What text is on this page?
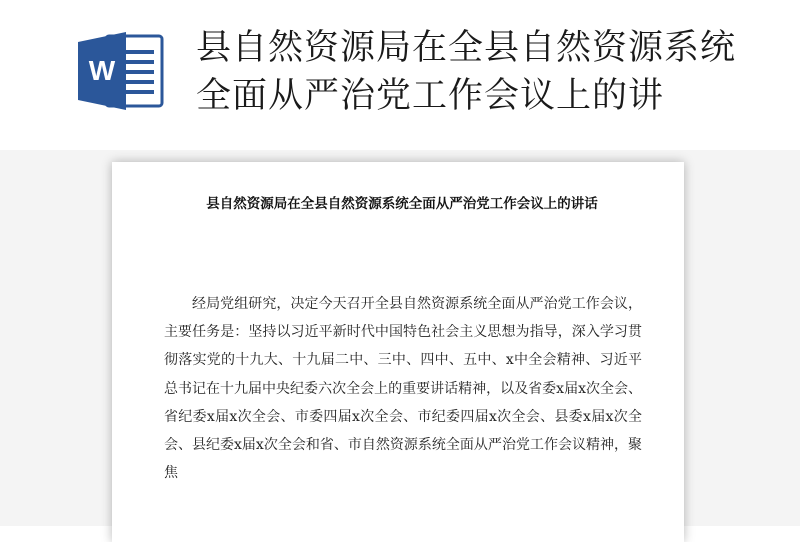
W
县自然资源局在全县自然资源系统全面从严治党工作会议上的讲
县自然资源局在全县自然资源系统全面从严治党工作会议上的讲话

经局党组研究，决定今天召开全县自然资源系统全面从严治党工作会议，主要任务是：坚持以习近平新时代中国特色社会主义思想为指导，深入学习贯彻落实党的十九大、十九届二中、三中、四中、五中、x中全会精神、习近平总书记在十九届中央纪委六次全会上的重要讲话精神，以及省委x届x次全会、省纪委x届x次全会、市委四届x次全会、市纪委四届x次全会、县委x届x次全会、县纪委x届x次全会和省、市自然资源系统全面从严治党工作会议精神，聚焦
